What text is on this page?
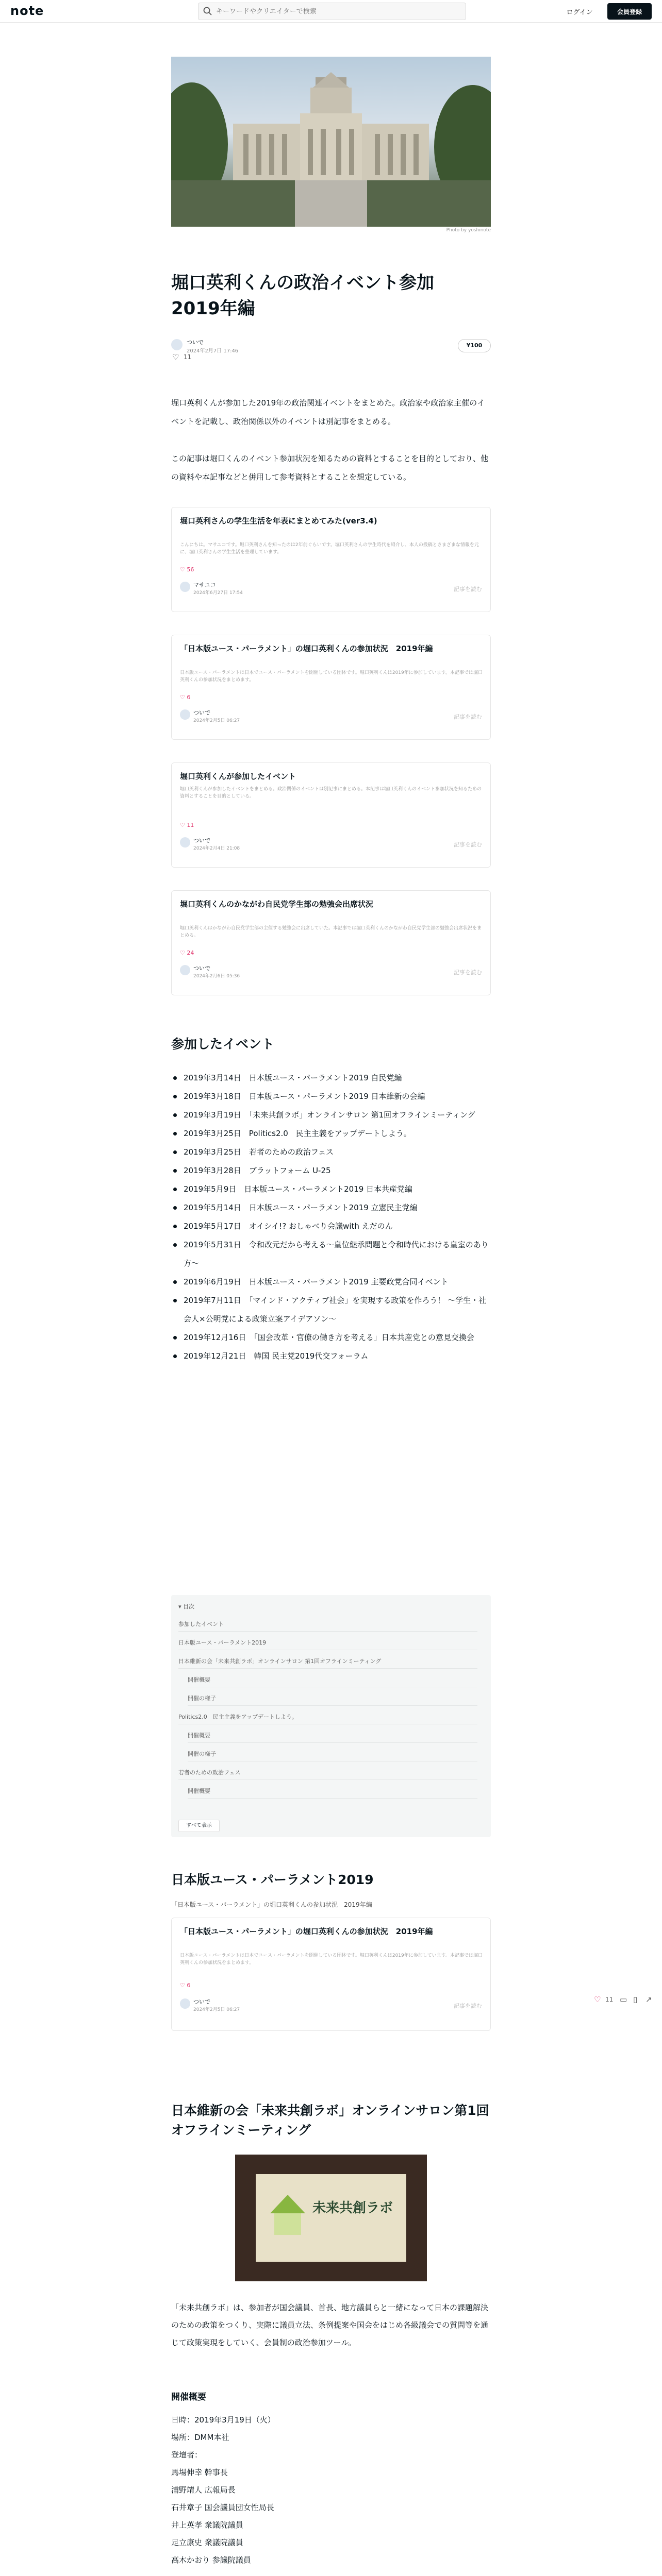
note
キーワードやクリエイターで検索	ログイン	会員登録
Photo by yoshinote
堀口英利くんの政治イベント参加　2019年編
ついで
2024年2月7日 17:46
¥100
♡ 11

堀口英利くんが参加した2019年の政治関連イベントをまとめた。政治家や政治家主催のイベントを記載し、政治関係以外のイベントは別記事をまとめる。

この記事は堀口くんのイベント参加状況を知るための資料とすることを目的としており、他の資料や本記事などと併用して参考資料とすることを想定している。

堀口英利さんの学生生活を年表にまとめてみた(ver3.4)
こんにちは。マサユコです。堀口英利さんを知ったのは2年前ぐらいです。堀口英利さんの学生時代を紹介し、本人の投稿とさまざまな情報を元に、堀口英利さんの学生生活を整理しています。
♡ 56
マサユコ
2024年6月27日 17:54
記事を読む
「日本版ユース・パーラメント」の堀口英利くんの参加状況　2019年編
日本版ユース・パーラメントは日本でユース・パーラメントを開催している団体です。堀口英利くんは2019年に参加しています。本記事では堀口英利くんの参加状況をまとめます。
♡ 6
ついで
2024年2月5日 06:27
記事を読む
堀口英利くんが参加したイベント
堀口英利くんが参加したイベントをまとめる。政治関係のイベントは別記事にまとめる。本記事は堀口英利くんのイベント参加状況を知るための資料とすることを目的としている。
♡ 11
ついで
2024年2月4日 21:08
記事を読む
堀口英利くんのかながわ自民党学生部の勉強会出席状況
堀口英利くんはかながわ自民党学生部の主催する勉強会に出席していた。本記事では堀口英利くんのかながわ自民党学生部の勉強会出席状況をまとめる。
♡ 24
ついで
2024年2月6日 05:36
記事を読む
参加したイベント
2019年3月14日　日本版ユース・パーラメント2019 自民党編
2019年3月18日　日本版ユース・パーラメント2019 日本維新の会編
2019年3月19日　「未来共創ラボ」オンラインサロン 第1回オフラインミーティング
2019年3月25日　Politics2.0　民主主義をアップデートしよう。
2019年3月25日　若者のための政治フェス
2019年3月28日　ブラットフォーム U-25
2019年5月9日　日本版ユース・パーラメント2019 日本共産党編
2019年5月14日　日本版ユース・パーラメント2019 立憲民主党編
2019年5月17日　オイシイ!? おしゃべり会議with えだのん
2019年5月31日　令和改元だから考える〜皇位継承問題と令和時代における皇室のあり方〜
2019年6月19日　日本版ユース・パーラメント2019 主要政党合同イベント
2019年7月11日　「マインド・アクティブ社会」を実現する政策を作ろう！ 〜学生・社会人×公明党による政策立案アイデアソン〜
2019年12月16日　「国会改革・官僚の働き方を考える」日本共産党との意見交換会
2019年12月21日　韓国 民主党2019代交フォーラム
▾ 目次
参加したイベント
日本版ユース・パーラメント2019
日本維新の会「未来共創ラボ」オンラインサロン 第1回オフラインミーティング
開催概要
開催の様子
Politics2.0　民主主義をアップデートしよう。
開催概要
開催の様子
若者のための政治フェス
開催概要
すべて表示
日本版ユース・パーラメント2019
「日本版ユース・パーラメント」の堀口英利くんの参加状況　2019年編
「日本版ユース・パーラメント」の堀口英利くんの参加状況　2019年編
日本版ユース・パーラメントは日本でユース・パーラメントを開催している団体です。堀口英利くんは2019年に参加しています。本記事では堀口英利くんの参加状況をまとめます。
♡ 6
ついで
2024年2月5日 06:27
記事を読む
日本維新の会「未来共創ラボ」オンラインサロン第1回オフラインミーティング
未来共創ラボ

「未来共創ラボ」は、参加者が国会議員、首長、地方議員らと一緒になって日本の課題解決のための政策をつくり、実際に議員立法、条例提案や国会をはじめ各級議会での質問等を通じて政策実現をしていく、会員制の政治参加ツール。

開催概要
日時：2019年3月19日（火）
場所：DMM本社
登壇者：
馬場伸幸 幹事長
浦野靖人 広報局長
石井章子 国会議員団女性局長
井上英孝 衆議院議員
足立康史 衆議院議員
高木かおり 参議院議員
♡ 11 ▭ ▯ ↗
